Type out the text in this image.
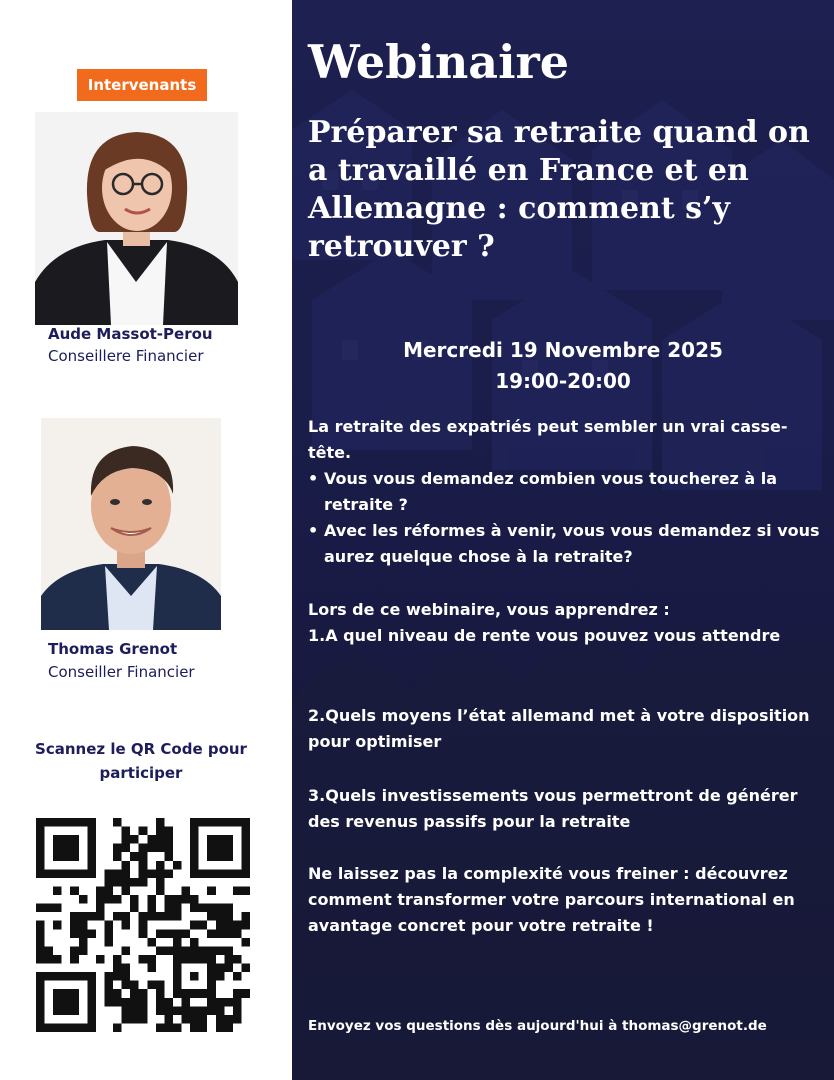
Intervenants
Aude Massot-Perou
Conseillere Financier
Thomas Grenot
Conseiller Financier
Scannez le QR Code pour participer
Webinaire
Préparer sa retraite quand on a travaillé en France et en Allemagne : comment s’y retrouver ?
Mercredi 19 Novembre 2025
19:00-20:00
La retraite des expatriés peut sembler un vrai casse-tête.
• Vous vous demandez combien vous toucherez à la retraite ?
• Avec les réformes à venir, vous vous demandez si vous aurez quelque chose à la retraite?
Lors de ce webinaire, vous apprendrez :
1.A quel niveau de rente vous pouvez vous attendre
2.Quels moyens l’état allemand met à votre disposition pour optimiser
3.Quels investissements vous permettront de générer des revenus passifs pour la retraite
Ne laissez pas la complexité vous freiner : découvrez comment transformer votre parcours international en avantage concret pour votre retraite !
Envoyez vos questions dès aujourd'hui à thomas@grenot.de
